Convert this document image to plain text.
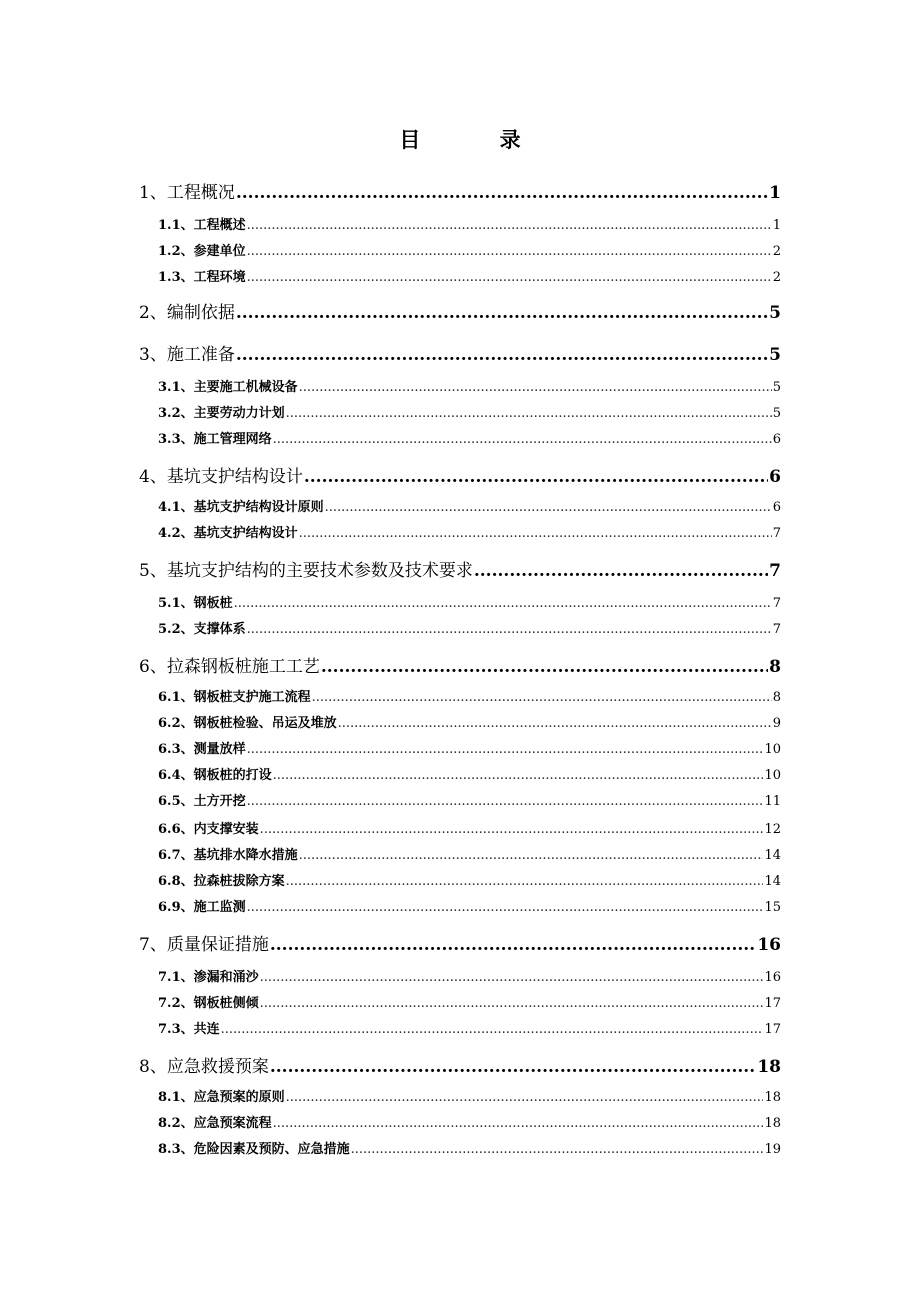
目 录
1、工程概况 .....	1
1.1、工程概述 .....	1
1.2、参建单位 .....	2
1.3、工程环境 .....	2
2、编制依据 .....	5
3、施工准备 .....	5
3.1、主要施工机械设备 .....	5
3.2、主要劳动力计划 .....	5
3.3、施工管理网络 .....	6
4、基坑支护结构设计 .....	6
4.1、基坑支护结构设计原则 .....	6
4.2、基坑支护结构设计 .....	7
5、基坑支护结构的主要技术参数及技术要求 .....	7
5.1、钢板桩 .....	7
5.2、支撑体系 .....	7
6、拉森钢板桩施工工艺 .....	8
6.1、钢板桩支护施工流程 .....	8
6.2、钢板桩检验、吊运及堆放 .....	9
6.3、测量放样 .....	10
6.4、钢板桩的打设 .....	10
6.5、土方开挖 .....	11
6.6、内支撑安装 .....	12
6.7、基坑排水降水措施 .....	14
6.8、拉森桩拔除方案 .....	14
6.9、施工监测 .....	15
7、质量保证措施 .....	16
7.1、渗漏和涌沙 .....	16
7.2、钢板桩侧倾 .....	17
7.3、共连 .....	17
8、应急救援预案 .....	18
8.1、应急预案的原则 .....	18
8.2、应急预案流程 .....	18
8.3、危险因素及预防、应急措施 .....	19
